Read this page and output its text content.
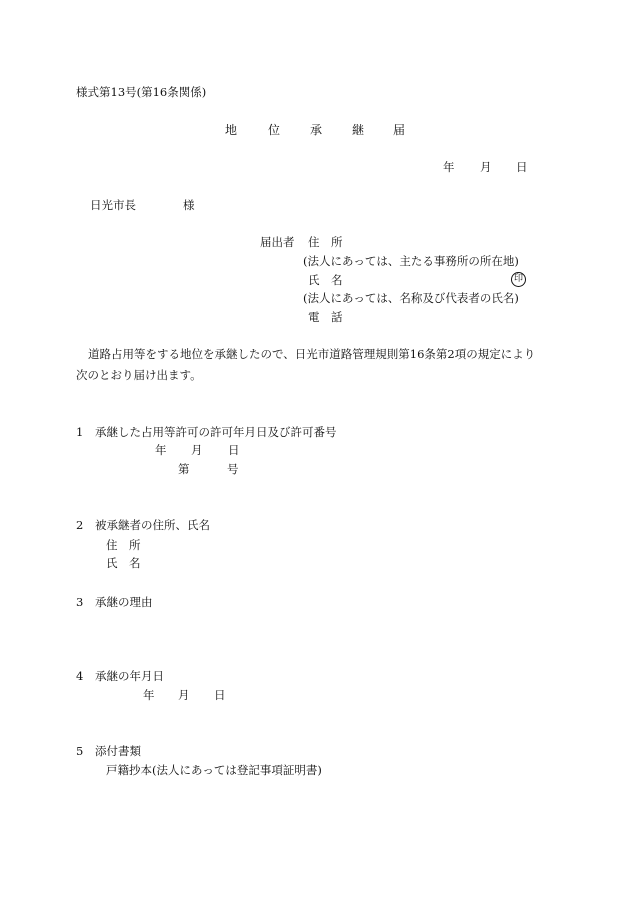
様式第13号(第16条関係)
地	位 承 継 届
年 月 日
日光市長	様
届出者 住　所
(法人にあっては、主たる事務所の所在地)
氏　名	印
(法人にあっては、名称及び代表者の氏名)
電　話
道路占用等をする地位を承継したので、日光市道路管理規則第16条第2項の規定により
次のとおり届け出ます。
1 承継した占用等許可の許可年月日及び許可番号
年 月 日
第	号
2 被承継者の住所、氏名
住　所
氏　名
3 承継の理由
4 承継の年月日
年 月 日
5 添付書類
戸籍抄本(法人にあっては登記事項証明書)
